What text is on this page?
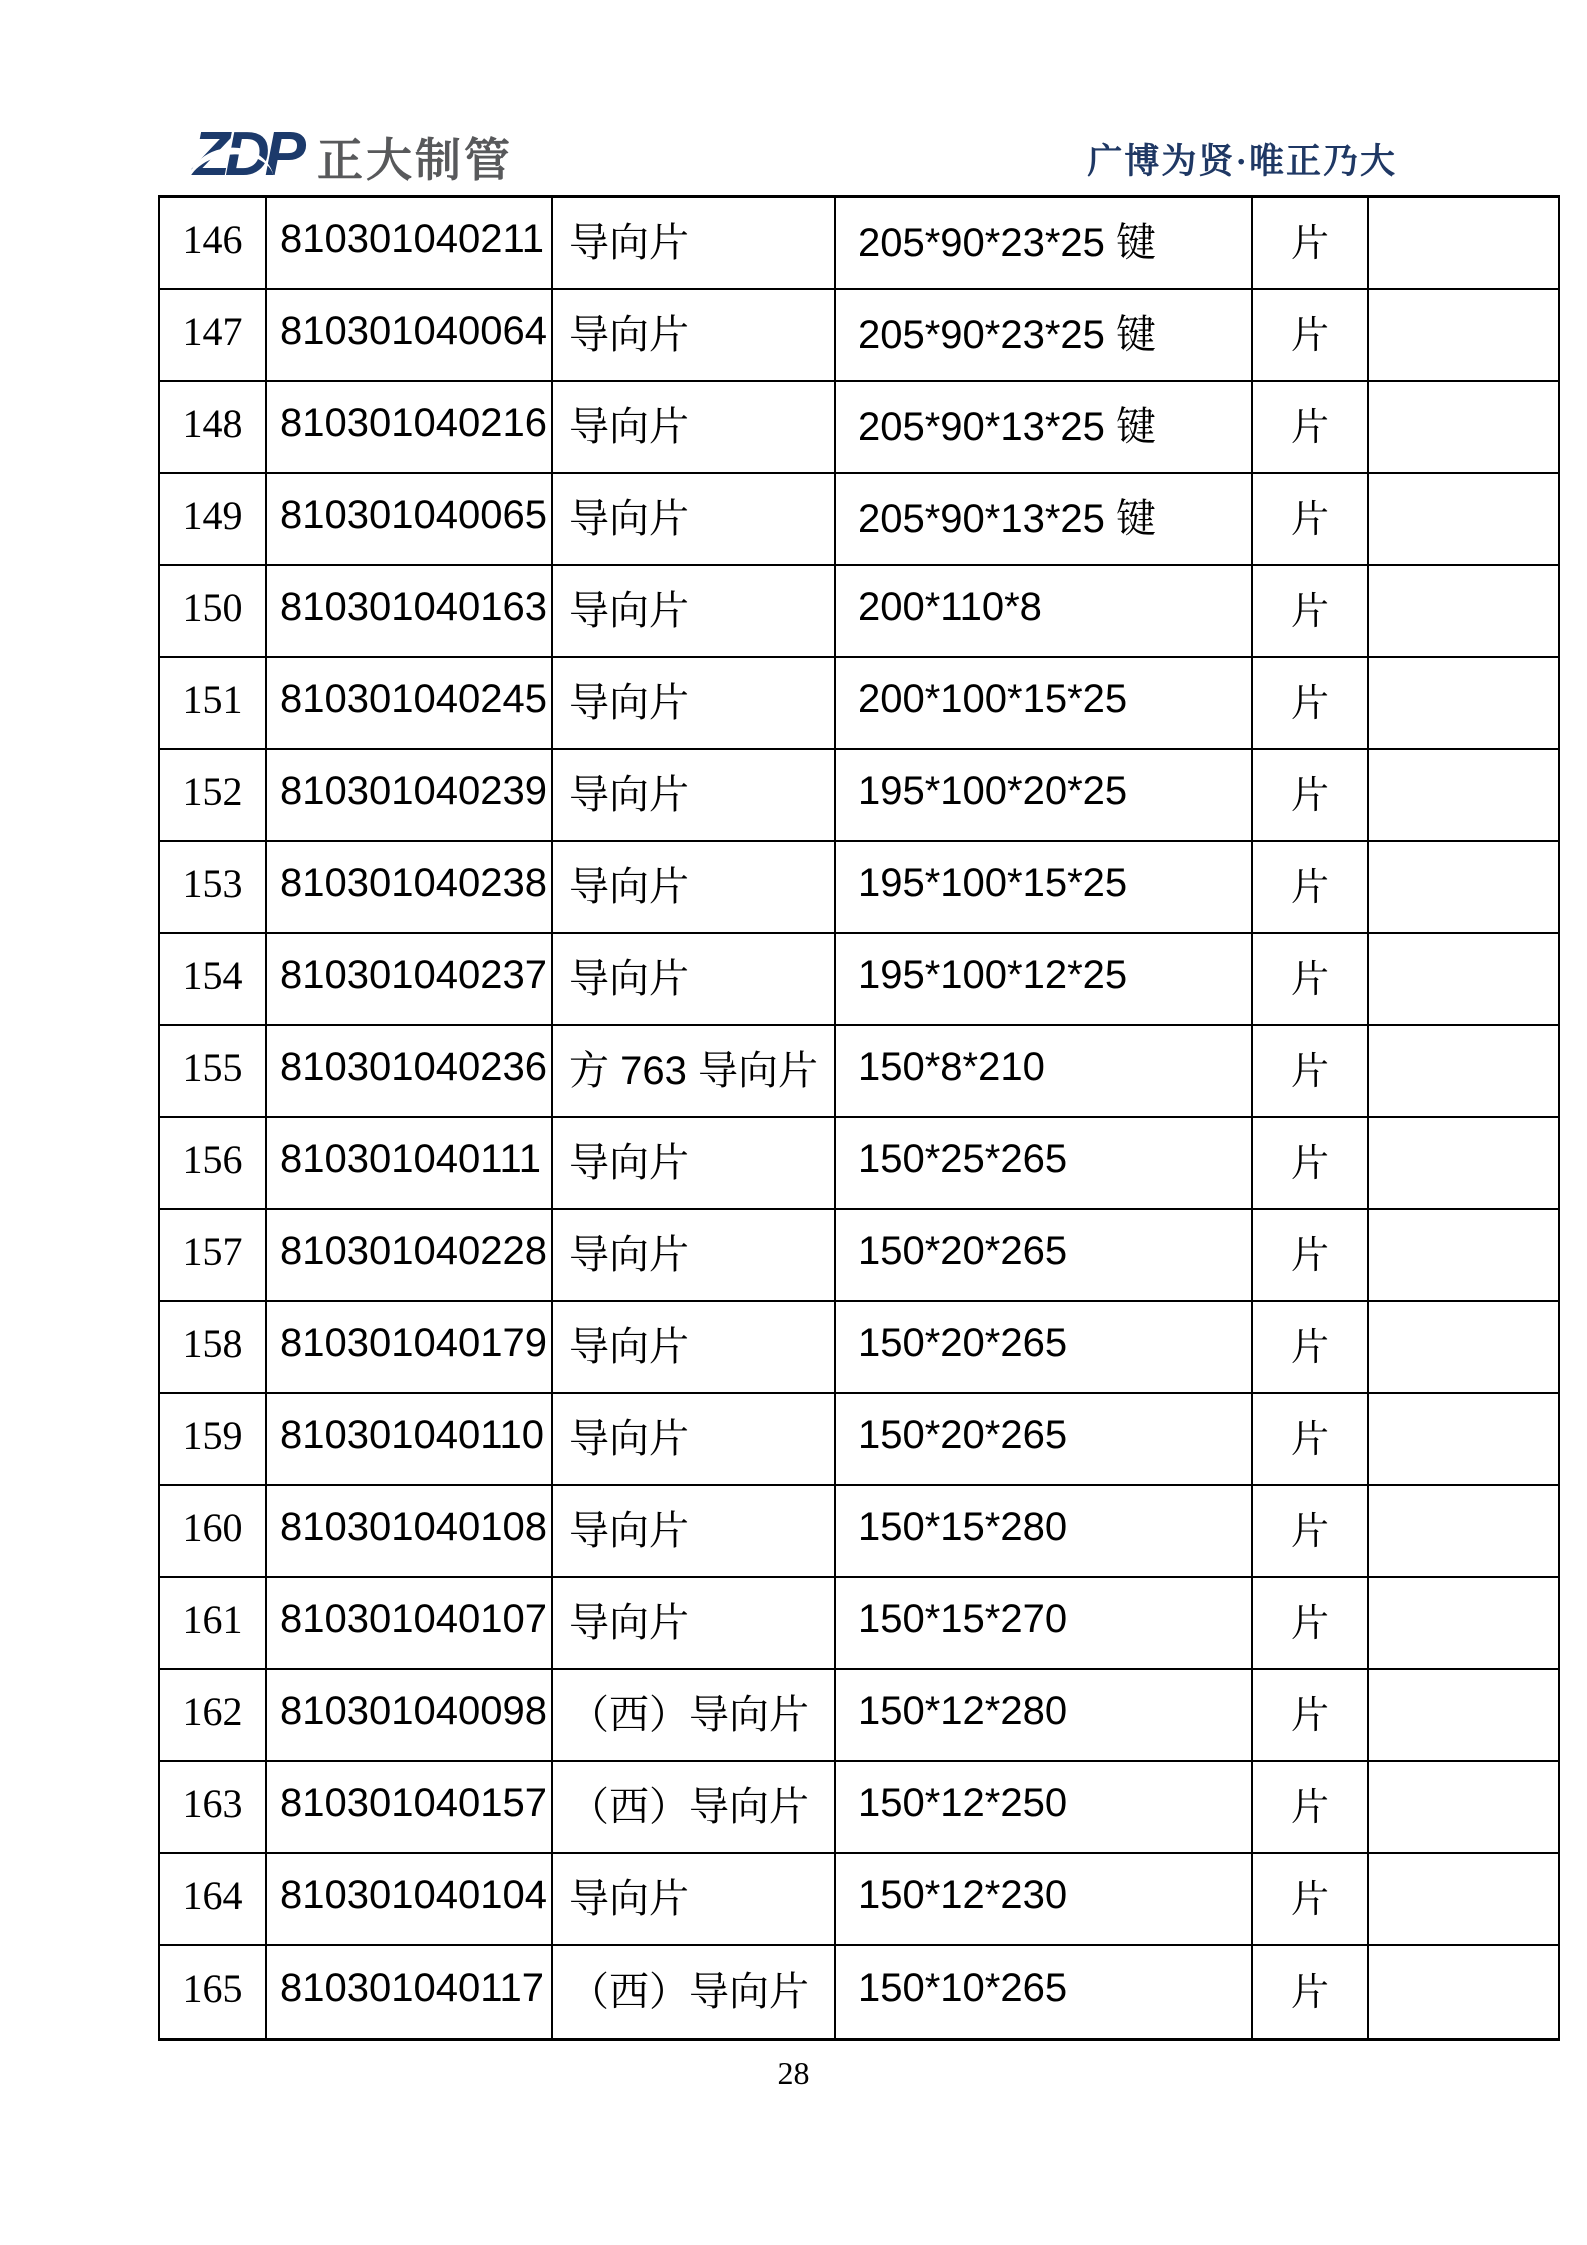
ZDP 正大制管	广博为贤·唯正乃大
146 810301040211 导向片	205*90*23*25 键	片
147 810301040064 导向片	205*90*23*25 键	片
148 810301040216 导向片	205*90*13*25 键	片
149 810301040065 导向片	205*90*13*25 键	片
150 810301040163 导向片	200*110*8	片
151 810301040245 导向片	200*100*15*25	片
152 810301040239 导向片	195*100*20*25	片
153 810301040238 导向片	195*100*15*25	片
154 810301040237 导向片	195*100*12*25	片
155 810301040236 方 763 导向片	150*8*210	片
156 810301040111 导向片	150*25*265	片
157 810301040228 导向片	150*20*265	片
158 810301040179 导向片	150*20*265	片
159 810301040110 导向片	150*20*265	片
160 810301040108 导向片	150*15*280	片
161 810301040107 导向片	150*15*270	片
162 810301040098 （西）导向片	150*12*280	片
163 810301040157 （西）导向片	150*12*250	片
164 810301040104 导向片	150*12*230	片
165 810301040117 （西）导向片	150*10*265	片
28
